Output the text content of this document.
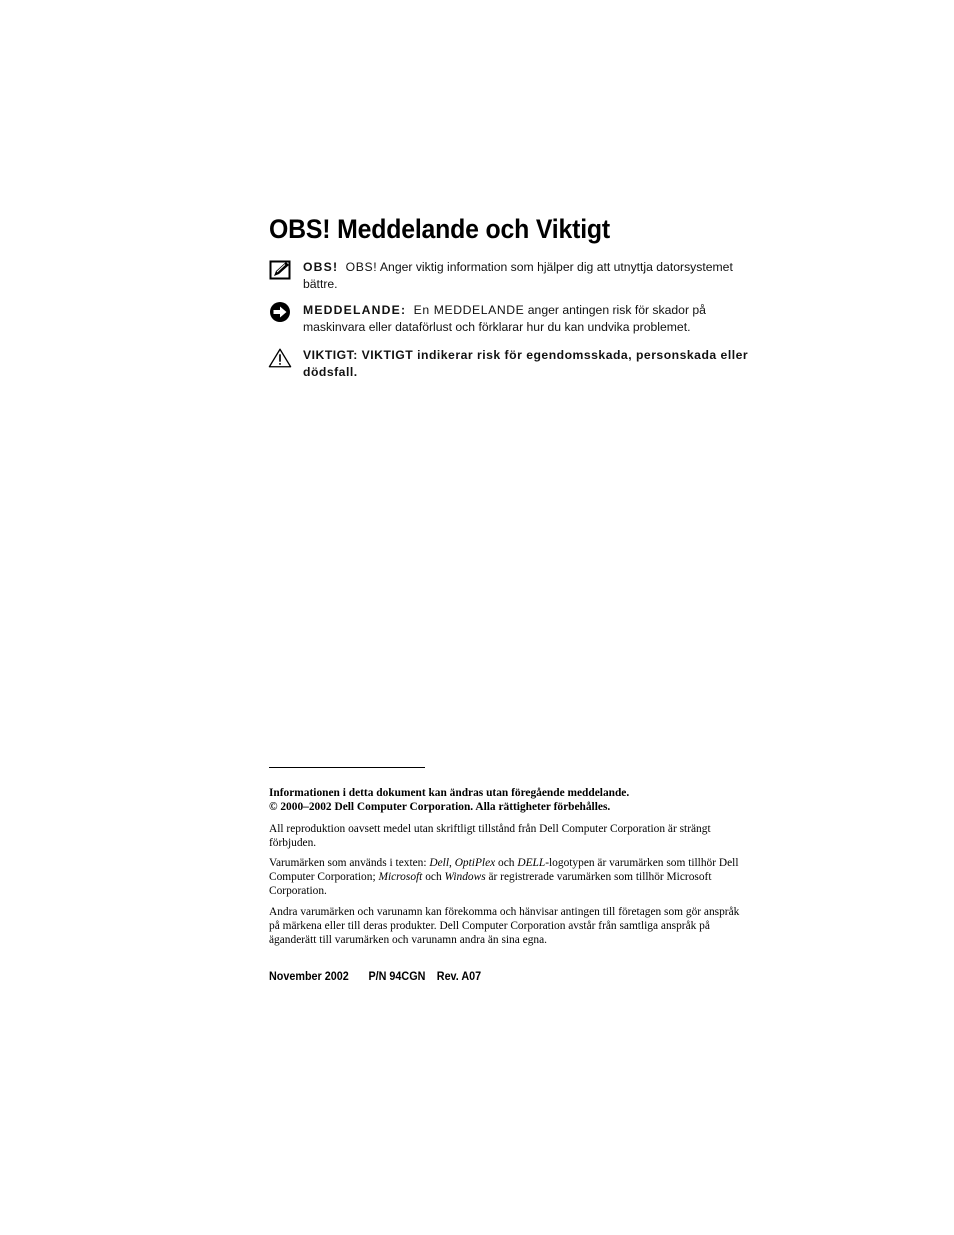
OBS! Meddelande och Viktigt
OBS! OBS! Anger viktig information som hjälper dig att utnyttja datorsystemet bättre.
MEDDELANDE: En MEDDELANDE anger antingen risk för skador på maskinvara eller dataförlust och förklarar hur du kan undvika problemet.
VIKTIGT: VIKTIGT indikerar risk för egendomsskada, personskada eller dödsfall.

Informationen i detta dokument kan ändras utan föregående meddelande.

© 2000–2002 Dell Computer Corporation. Alla rättigheter förbehålles.

All reproduktion oavsett medel utan skriftligt tillstånd från Dell Computer Corporation är strängt förbjuden.

Varumärken som används i texten: Dell, OptiPlex och DELL-logotypen är varumärken som tillhör Dell Computer Corporation; Microsoft och Windows är registrerade varumärken som tillhör Microsoft Corporation.

Andra varumärken och varunamn kan förekomma och hänvisar antingen till företagen som gör anspråk på märkena eller till deras produkter. Dell Computer Corporation avstår från samtliga anspråk på äganderätt till varumärken och varunamn andra än sina egna.

November 2002 P/N 94CGN Rev. A07
